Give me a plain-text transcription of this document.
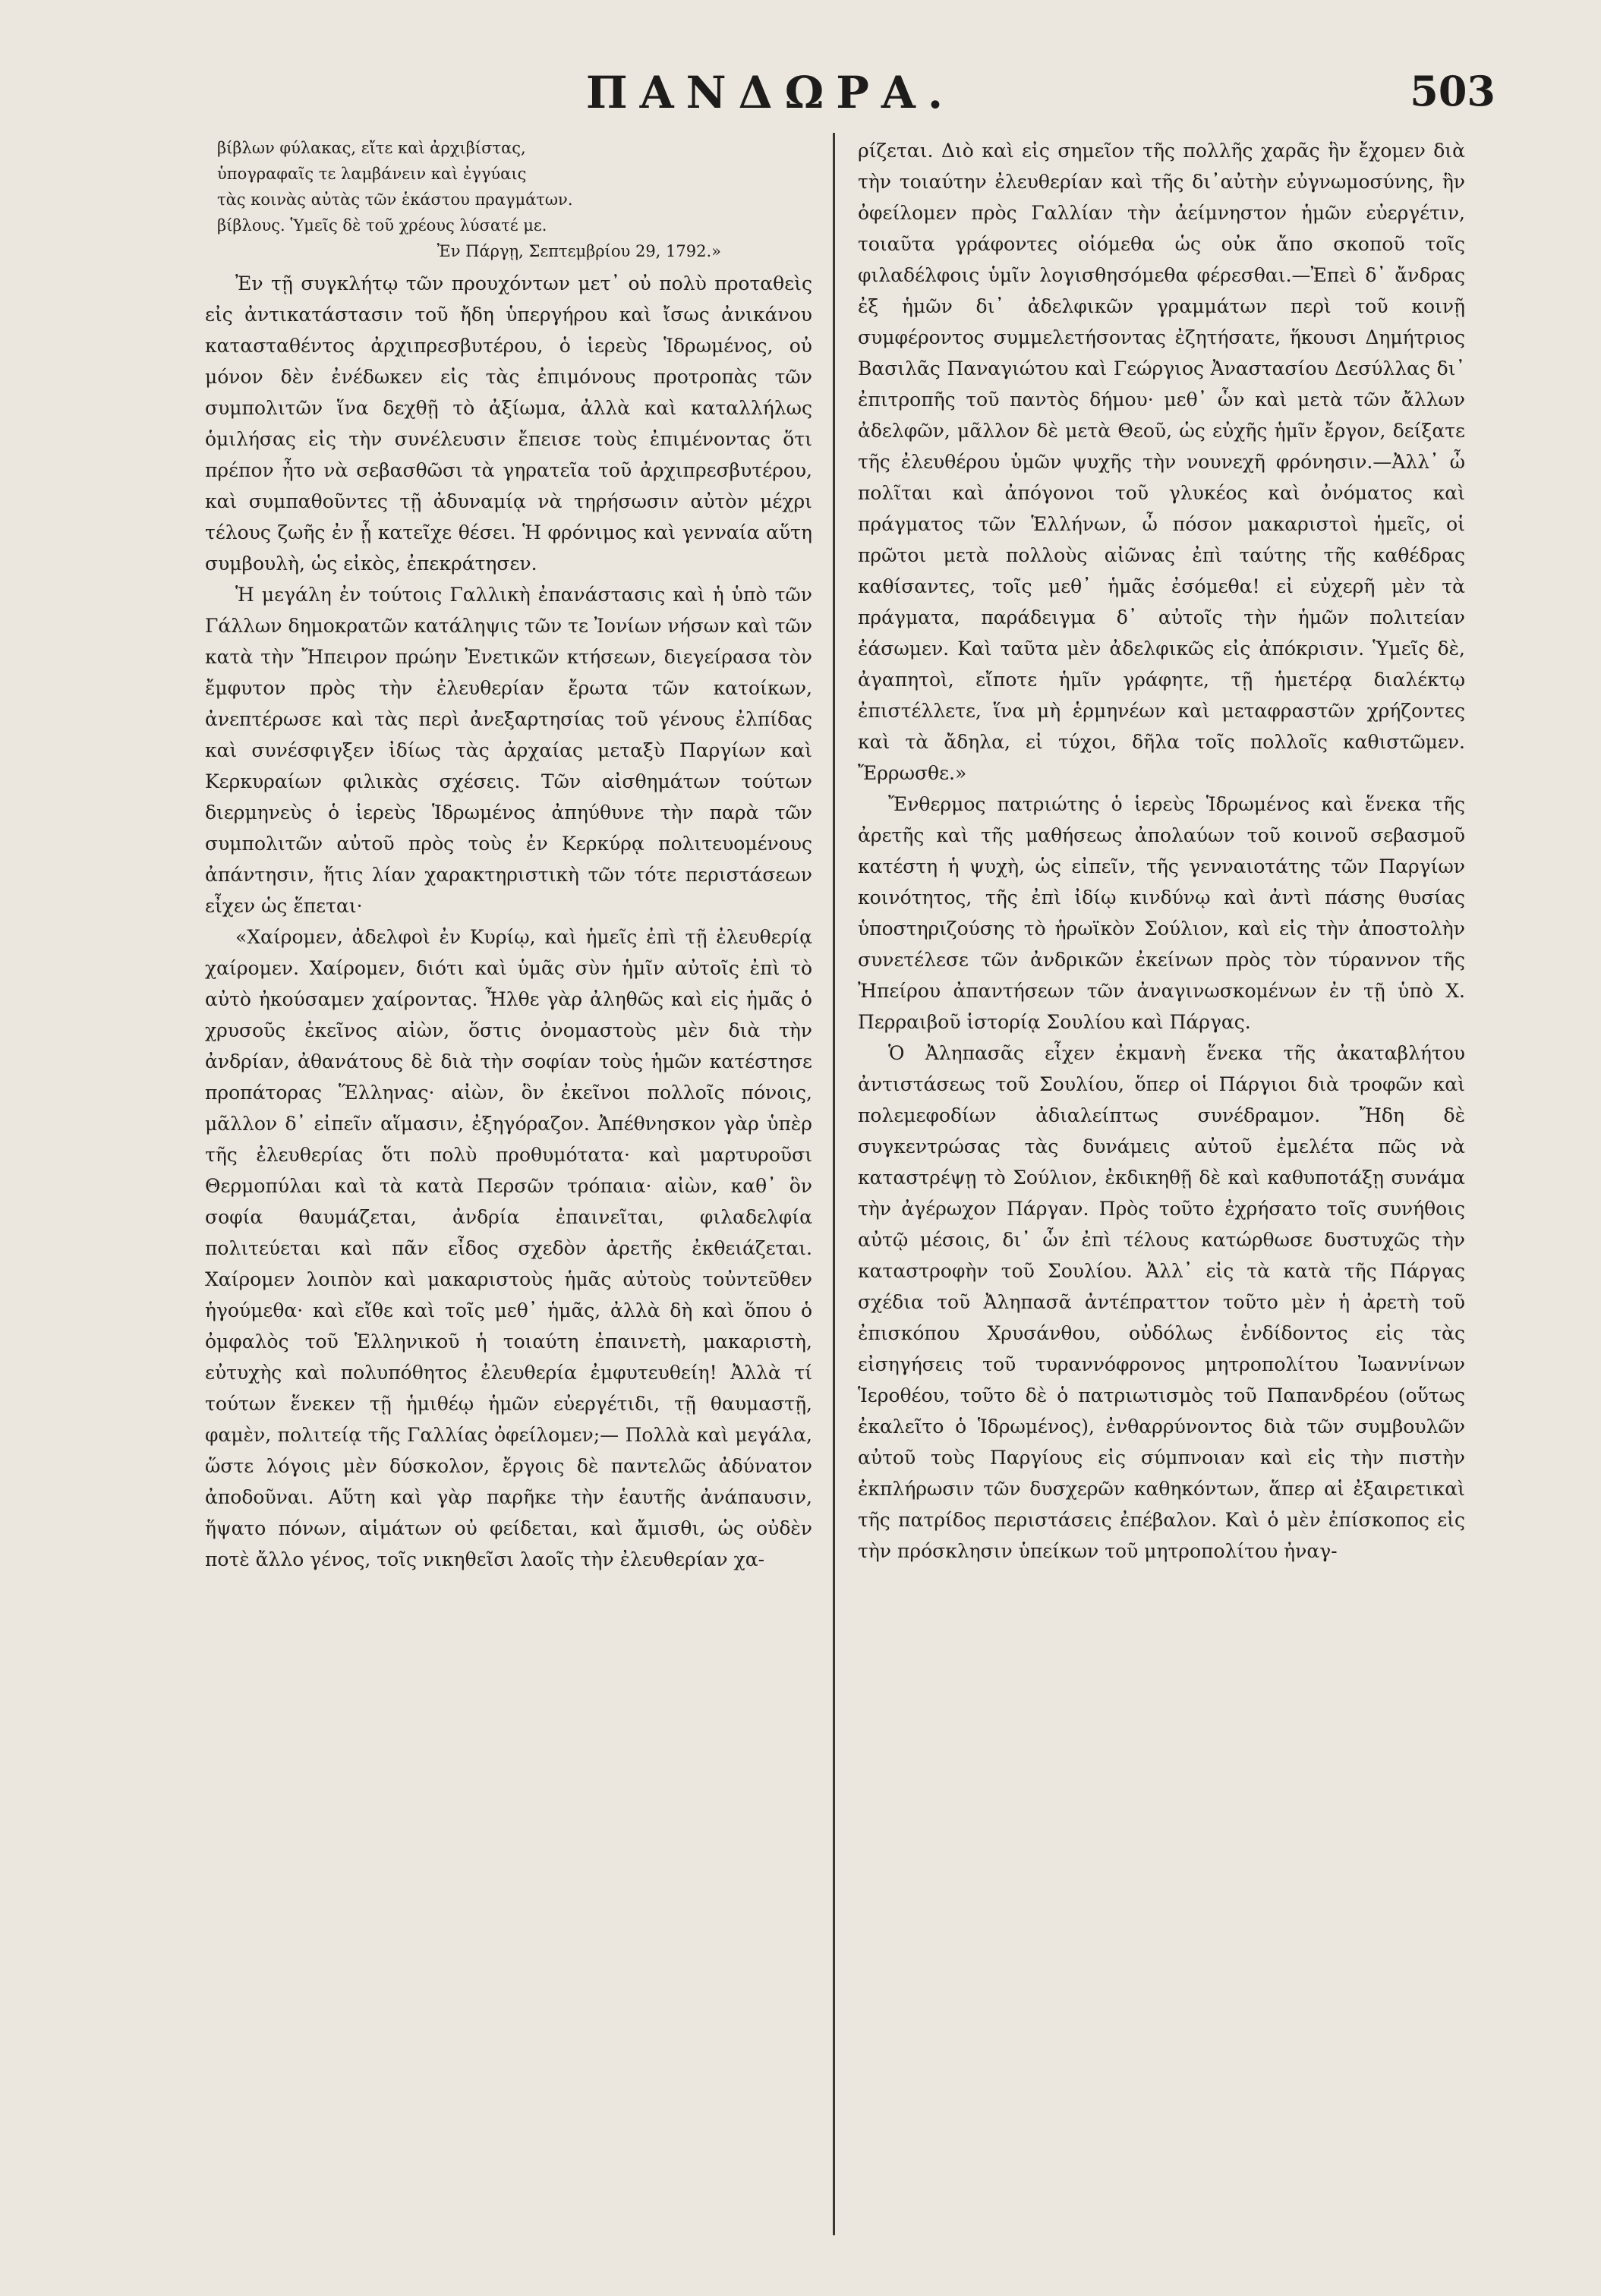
ΠΑΝΔΩΡΑ.	503
βίβλων φύλακας, εἴτε καὶ ἀρχιβίστας,
ὑπογραφαῖς τε λαμβάνειν καὶ ἐγγύαις
τὰς κοινὰς αὐτὰς τῶν ἑκάστου πραγμάτων.
βίβλους. Ὑμεῖς δὲ τοῦ χρέους λύσατέ με.
Ἐν Πάργῃ, Σεπτεμβρίου 29, 1792.»

Ἐν τῇ συγκλήτῳ τῶν προυχόντων μετ᾽ οὐ πολὺ προταθεὶς εἰς ἀντικατάστασιν τοῦ ἤδη ὑπεργήρου καὶ ἴσως ἀνικάνου κατασταθέντος ἀρχιπρεσβυτέρου, ὁ ἱερεὺς Ἱδρωμένος, οὐ μόνον δὲν ἐνέδωκεν εἰς τὰς ἐπιμόνους προτροπὰς τῶν συμπολιτῶν ἵνα δεχθῇ τὸ ἀξίωμα, ἀλλὰ καὶ καταλλήλως ὁμιλήσας εἰς τὴν συνέλευσιν ἔπεισε τοὺς ἐπιμένοντας ὅτι πρέπον ἦτο νὰ σεβασθῶσι τὰ γηρατεῖα τοῦ ἀρχιπρεσβυτέρου, καὶ συμπαθοῦντες τῇ ἀδυναμίᾳ νὰ τηρήσωσιν αὐτὸν μέχρι τέλους ζωῆς ἐν ᾗ κατεῖχε θέσει. Ἡ φρόνιμος καὶ γενναία αὕτη συμβουλὴ, ὡς εἰκὸς, ἐπεκράτησεν.

Ἡ μεγάλη ἐν τούτοις Γαλλικὴ ἐπανάστασις καὶ ἡ ὑπὸ τῶν Γάλλων δημοκρατῶν κατάληψις τῶν τε Ἰονίων νήσων καὶ τῶν κατὰ τὴν Ἤπειρον πρώην Ἐνετικῶν κτήσεων, διεγείρασα τὸν ἔμφυτον πρὸς τὴν ἐλευθερίαν ἔρωτα τῶν κατοίκων, ἀνεπτέρωσε καὶ τὰς περὶ ἀνεξαρτησίας τοῦ γένους ἐλπίδας καὶ συνέσφιγξεν ἰδίως τὰς ἀρχαίας μεταξὺ Παργίων καὶ Κερκυραίων φιλικὰς σχέσεις. Τῶν αἰσθημάτων τούτων διερμηνεὺς ὁ ἱερεὺς Ἱδρωμένος ἀπηύθυνε τὴν παρὰ τῶν συμπολιτῶν αὐτοῦ πρὸς τοὺς ἐν Κερκύρᾳ πολιτευομένους ἀπάντησιν, ἥτις λίαν χαρακτηριστικὴ τῶν τότε περιστάσεων εἶχεν ὡς ἕπεται·

«Χαίρομεν, ἀδελφοὶ ἐν Κυρίῳ, καὶ ἡμεῖς ἐπὶ τῇ ἐλευθερίᾳ χαίρομεν. Χαίρομεν, διότι καὶ ὑμᾶς σὺν ἡμῖν αὐτοῖς ἐπὶ τὸ αὐτὸ ἠκούσαμεν χαίροντας. Ἦλθε γὰρ ἀληθῶς καὶ εἰς ἡμᾶς ὁ χρυσοῦς ἐκεῖνος αἰὼν, ὅστις ὀνομαστοὺς μὲν διὰ τὴν ἀνδρίαν, ἀθανάτους δὲ διὰ τὴν σοφίαν τοὺς ἡμῶν κατέστησε προπάτορας Ἕλληνας· αἰὼν, ὃν ἐκεῖνοι πολλοῖς πόνοις, μᾶλλον δ᾽ εἰπεῖν αἵμασιν, ἐξηγόραζον. Ἀπέθνησκον γὰρ ὑπὲρ τῆς ἐλευθερίας ὅτι πολὺ προθυμότατα· καὶ μαρτυροῦσι Θερμοπύλαι καὶ τὰ κατὰ Περσῶν τρόπαια· αἰὼν, καθ᾽ ὃν σοφία θαυμάζεται, ἀνδρία ἐπαινεῖται, φιλαδελφία πολιτεύεται καὶ πᾶν εἶδος σχεδὸν ἀρετῆς ἐκθειάζεται. Χαίρομεν λοιπὸν καὶ μακαριστοὺς ἡμᾶς αὐτοὺς τοὐντεῦθεν ἡγούμεθα· καὶ εἴθε καὶ τοῖς μεθ᾽ ἡμᾶς, ἀλλὰ δὴ καὶ ὅπου ὁ ὀμφαλὸς τοῦ Ἑλληνικοῦ ἡ τοιαύτη ἐπαινετὴ, μακαριστὴ, εὐτυχὴς καὶ πολυπόθητος ἐλευθερία ἐμφυτευθείη! Ἀλλὰ τί τούτων ἕνεκεν τῇ ἡμιθέῳ ἡμῶν εὐεργέτιδι, τῇ θαυμαστῇ, φαμὲν, πολιτείᾳ τῆς Γαλλίας ὀφείλομεν;— Πολλὰ καὶ μεγάλα, ὥστε λόγοις μὲν δύσκολον, ἔργοις δὲ παντελῶς ἀδύνατον ἀποδοῦναι. Αὕτη καὶ γὰρ παρῆκε τὴν ἑαυτῆς ἀνάπαυσιν, ἥψατο πόνων, αἱμάτων οὐ φείδεται, καὶ ἄμισθι, ὡς οὐδὲν ποτὲ ἄλλο γένος, τοῖς νικηθεῖσι λαοῖς τὴν ἐλευθερίαν χα-

ρίζεται. Διὸ καὶ εἰς σημεῖον τῆς πολλῆς χαρᾶς ἣν ἔχομεν διὰ τὴν τοιαύτην ἐλευθερίαν καὶ τῆς δι᾽αὐτὴν εὐγνωμοσύνης, ἣν ὀφείλομεν πρὸς Γαλλίαν τὴν ἀείμνηστον ἡμῶν εὐεργέτιν, τοιαῦτα γράφοντες οἰόμεθα ὡς οὐκ ἄπο σκοποῦ τοῖς φιλαδέλφοις ὑμῖν λογισθησόμεθα φέρεσθαι.—Ἐπεὶ δ᾽ ἄνδρας ἐξ ἡμῶν δι᾽ ἀδελφικῶν γραμμάτων περὶ τοῦ κοινῇ συμφέροντος συμμελετήσοντας ἐζητήσατε, ἥκουσι Δημήτριος Βασιλᾶς Παναγιώτου καὶ Γεώργιος Ἀναστασίου Δεσύλλας δι᾽ ἐπιτροπῆς τοῦ παντὸς δήμου· μεθ᾽ ὧν καὶ μετὰ τῶν ἄλλων ἀδελφῶν, μᾶλλον δὲ μετὰ Θεοῦ, ὡς εὐχῆς ἡμῖν ἔργον, δείξατε τῆς ἐλευθέρου ὑμῶν ψυχῆς τὴν νουνεχῆ φρόνησιν.—Ἀλλ᾽ ὦ πολῖται καὶ ἀπόγονοι τοῦ γλυκέος καὶ ὀνόματος καὶ πράγματος τῶν Ἑλλήνων, ὦ πόσον μακαριστοὶ ἡμεῖς, οἱ πρῶτοι μετὰ πολλοὺς αἰῶνας ἐπὶ ταύτης τῆς καθέδρας καθίσαντες, τοῖς μεθ᾽ ἡμᾶς ἐσόμεθα! εἰ εὐχερῆ μὲν τὰ πράγματα, παράδειγμα δ᾽ αὐτοῖς τὴν ἡμῶν πολιτείαν ἐάσωμεν. Καὶ ταῦτα μὲν ἀδελφικῶς εἰς ἀπόκρισιν. Ὑμεῖς δὲ, ἀγαπητοὶ, εἴποτε ἡμῖν γράφητε, τῇ ἡμετέρᾳ διαλέκτῳ ἐπιστέλλετε, ἵνα μὴ ἑρμηνέων καὶ μεταφραστῶν χρήζοντες καὶ τὰ ἄδηλα, εἰ τύχοι, δῆλα τοῖς πολλοῖς καθιστῶμεν. Ἔρρωσθε.»

Ἔνθερμος πατριώτης ὁ ἱερεὺς Ἱδρωμένος καὶ ἕνεκα τῆς ἀρετῆς καὶ τῆς μαθήσεως ἀπολαύων τοῦ κοινοῦ σεβασμοῦ κατέστη ἡ ψυχὴ, ὡς εἰπεῖν, τῆς γενναιοτάτης τῶν Παργίων κοινότητος, τῆς ἐπὶ ἰδίῳ κινδύνῳ καὶ ἀντὶ πάσης θυσίας ὑποστηριζούσης τὸ ἡρωϊκὸν Σούλιον, καὶ εἰς τὴν ἀποστολὴν συνετέλεσε τῶν ἀνδρικῶν ἐκείνων πρὸς τὸν τύραννον τῆς Ἠπείρου ἀπαντήσεων τῶν ἀναγινωσκομένων ἐν τῇ ὑπὸ Χ. Περραιβοῦ ἱστορίᾳ Σουλίου καὶ Πάργας.

Ὁ Ἀληπασᾶς εἶχεν ἐκμανὴ ἕνεκα τῆς ἀκαταβλήτου ἀντιστάσεως τοῦ Σουλίου, ὅπερ οἱ Πάργιοι διὰ τροφῶν καὶ πολεμεφοδίων ἀδιαλείπτως συνέδραμον. Ἤδη δὲ συγκεντρώσας τὰς δυνάμεις αὐτοῦ ἐμελέτα πῶς νὰ καταστρέψῃ τὸ Σούλιον, ἐκδικηθῇ δὲ καὶ καθυποτάξῃ συνάμα τὴν ἀγέρωχον Πάργαν. Πρὸς τοῦτο ἐχρήσατο τοῖς συνήθοις αὐτῷ μέσοις, δι᾽ ὧν ἐπὶ τέλους κατώρθωσε δυστυχῶς τὴν καταστροφὴν τοῦ Σουλίου. Ἀλλ᾽ εἰς τὰ κατὰ τῆς Πάργας σχέδια τοῦ Ἀληπασᾶ ἀντέπραττον τοῦτο μὲν ἡ ἀρετὴ τοῦ ἐπισκόπου Χρυσάνθου, οὐδόλως ἐνδίδοντος εἰς τὰς εἰσηγήσεις τοῦ τυραννόφρονος μητροπολίτου Ἰωαννίνων Ἱεροθέου, τοῦτο δὲ ὁ πατριωτισμὸς τοῦ Παπανδρέου (οὕτως ἐκαλεῖτο ὁ Ἱδρωμένος), ἐνθαρρύνοντος διὰ τῶν συμβουλῶν αὐτοῦ τοὺς Παργίους εἰς σύμπνοιαν καὶ εἰς τὴν πιστὴν ἐκπλήρωσιν τῶν δυσχερῶν καθηκόντων, ἅπερ αἱ ἐξαιρετικαὶ τῆς πατρίδος περιστάσεις ἐπέβαλον. Καὶ ὁ μὲν ἐπίσκοπος εἰς τὴν πρόσκλησιν ὑπείκων τοῦ μητροπολίτου ἠναγ-
